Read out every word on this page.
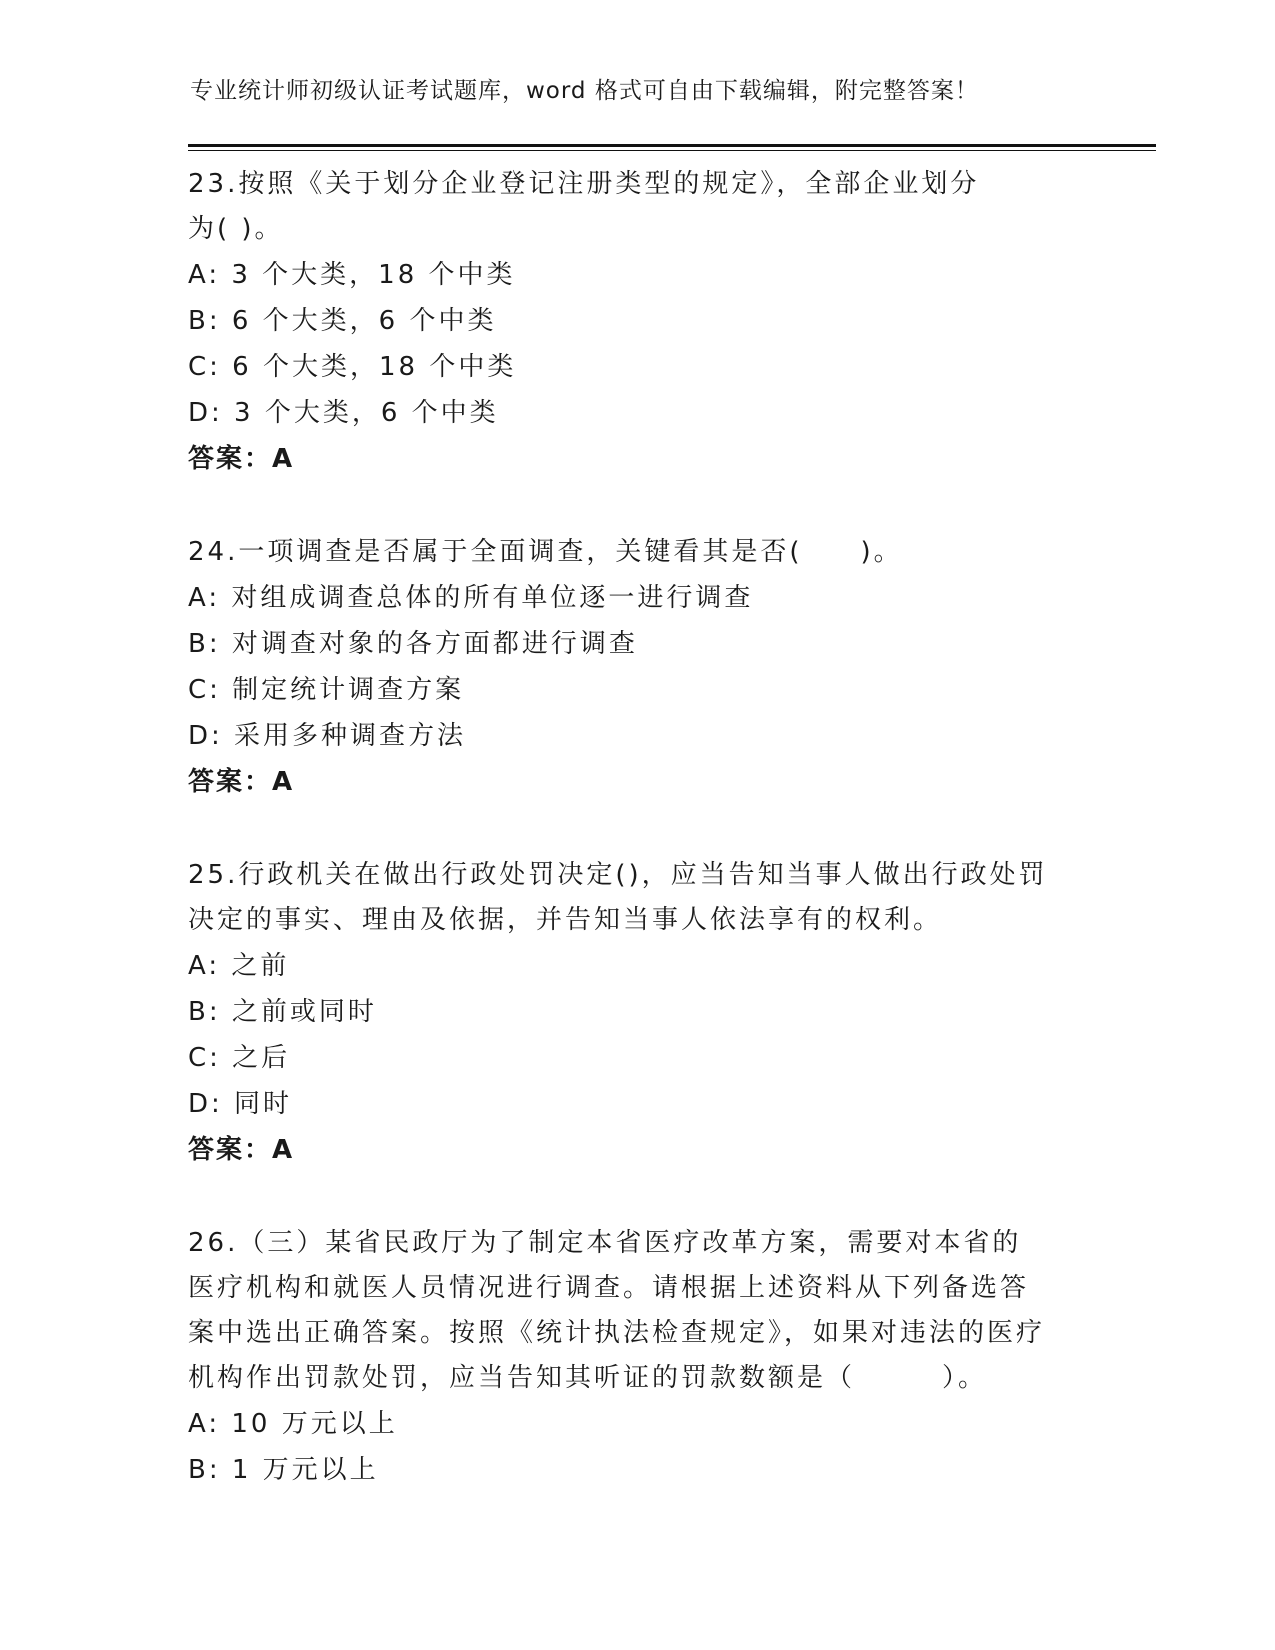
专业统计师初级认证考试题库，word 格式可自由下载编辑，附完整答案！

23.按照《关于划分企业登记注册类型的规定》，全部企业划分为( )。

A: 3 个大类，18 个中类

B: 6 个大类，6 个中类

C: 6 个大类，18 个中类

D: 3 个大类，6 个中类

答案：A

24.一项调查是否属于全面调查，关键看其是否(　　)。

A: 对组成调查总体的所有单位逐一进行调查

B: 对调查对象的各方面都进行调查

C: 制定统计调查方案

D: 采用多种调查方法

答案：A

25.行政机关在做出行政处罚决定()，应当告知当事人做出行政处罚决定的事实、理由及依据，并告知当事人依法享有的权利。

A: 之前

B: 之前或同时

C: 之后

D: 同时

答案：A

26.（三）某省民政厅为了制定本省医疗改革方案，需要对本省的医疗机构和就医人员情况进行调查。请根据上述资料从下列备选答案中选出正确答案。按照《统计执法检查规定》，如果对违法的医疗机构作出罚款处罚，应当告知其听证的罚款数额是（　　　）。

A: 10 万元以上

B: 1 万元以上
